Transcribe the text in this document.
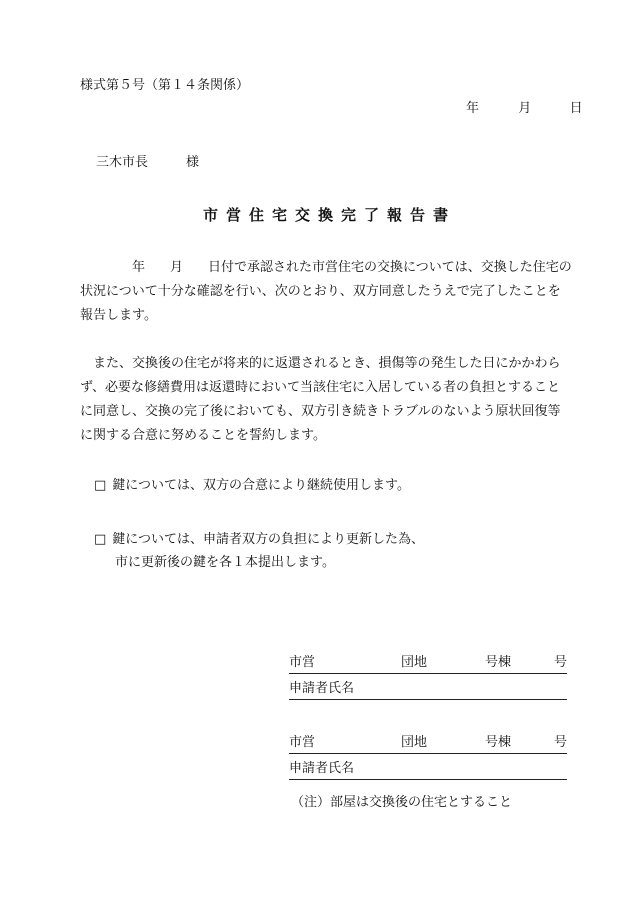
様式第５号（第１４条関係）
年	月	日
三木市長	様
市営住宅交換完了報告書
年 月 日付で承認された市営住宅の交換については、交換した住宅の状況について十分な確認を行い、次のとおり、双方同意したうえで完了したことを報告します。
また、交換後の住宅が将来的に返還されるとき、損傷等の発生した日にかかわらず、必要な修繕費用は返還時において当該住宅に入居している者の負担とすることに同意し、交換の完了後においても、双方引き続きトラブルのないよう原状回復等に関する合意に努めることを誓約します。
□ 鍵については、双方の合意により継続使用します。
□ 鍵については、申請者双方の負担により更新した為、
市に更新後の鍵を各１本提出します。
市営	団地	号棟	号
申請者氏名
市営	団地	号棟	号
申請者氏名
（注）部屋は交換後の住宅とすること
